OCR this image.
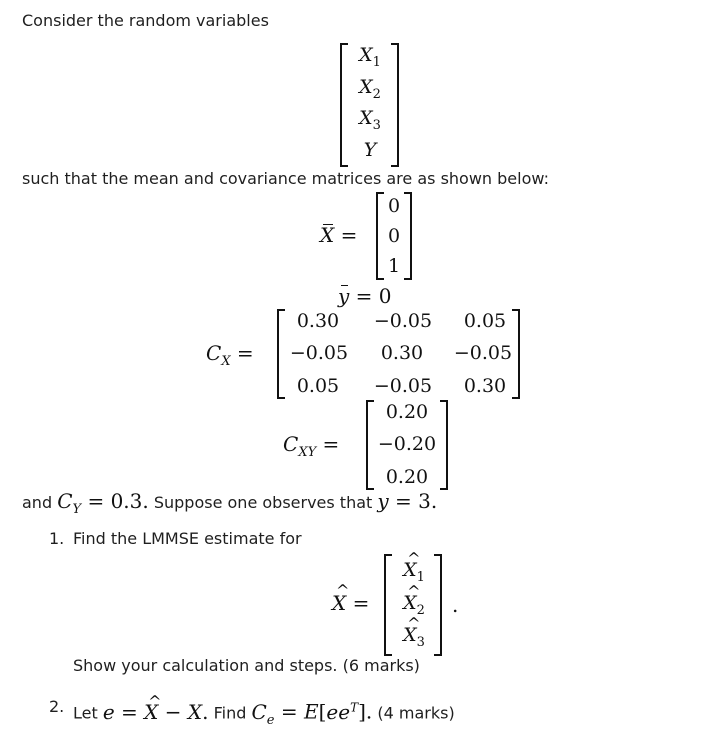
Consider the random variables
$X_1$
$X_2$
$X_3$
Y
such that the mean and covariance matrices are as shown below:
X =
0
0
1
y = 0
$C_X$ =
0.30	−0.05	0.05
−0.05	0.30	−0.05
0.05	−0.05	0.30
$C_{XY}$ =
0.20
−0.20
0.20
and $C_Y = 0.3$. Suppose one observes that y = 3.
1. Find the LMMSE estimate for
^ X =
^ $X_1$
^ $X_2$
^ $X_3$
.
Show your calculation and steps. (6 marks)
2. Let e = ^ X − X. Find $C_e = E[ee^T]$. (4 marks)
